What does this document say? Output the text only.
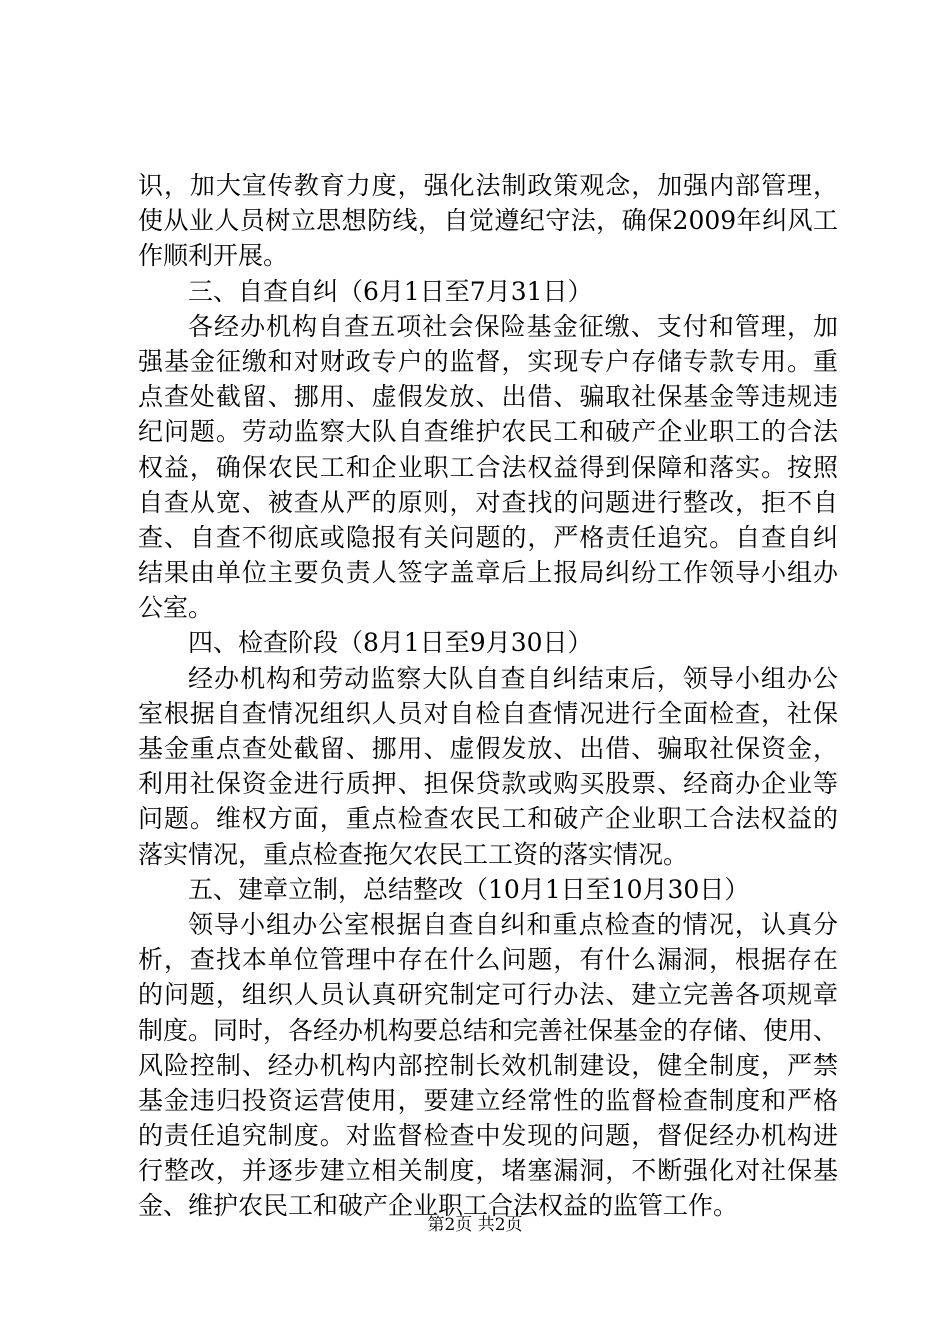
识，加大宣传教育力度，强化法制政策观念，加强内部管理，
使从业人员树立思想防线，自觉遵纪守法，确保2009年纠风工
作顺利开展。
三、自查自纠（6月1日至7月31日）
各经办机构自查五项社会保险基金征缴、支付和管理，加
强基金征缴和对财政专户的监督，实现专户存储专款专用。重
点查处截留、挪用、虚假发放、出借、骗取社保基金等违规违
纪问题。劳动监察大队自查维护农民工和破产企业职工的合法
权益，确保农民工和企业职工合法权益得到保障和落实。按照
自查从宽、被查从严的原则，对查找的问题进行整改，拒不自
查、自查不彻底或隐报有关问题的，严格责任追究。自查自纠
结果由单位主要负责人签字盖章后上报局纠纷工作领导小组办
公室。
四、检查阶段（8月1日至9月30日）
经办机构和劳动监察大队自查自纠结束后，领导小组办公
室根据自查情况组织人员对自检自查情况进行全面检查，社保
基金重点查处截留、挪用、虚假发放、出借、骗取社保资金，
利用社保资金进行质押、担保贷款或购买股票、经商办企业等
问题。维权方面，重点检查农民工和破产企业职工合法权益的
落实情况，重点检查拖欠农民工工资的落实情况。
五、建章立制，总结整改（10月1日至10月30日）
领导小组办公室根据自查自纠和重点检查的情况，认真分
析，查找本单位管理中存在什么问题，有什么漏洞，根据存在
的问题，组织人员认真研究制定可行办法、建立完善各项规章
制度。同时，各经办机构要总结和完善社保基金的存储、使用、
风险控制、经办机构内部控制长效机制建设，健全制度，严禁
基金违归投资运营使用，要建立经常性的监督检查制度和严格
的责任追究制度。对监督检查中发现的问题，督促经办机构进
行整改，并逐步建立相关制度，堵塞漏洞，不断强化对社保基
金、维护农民工和破产企业职工合法权益的监管工作。
第2页 共2页
